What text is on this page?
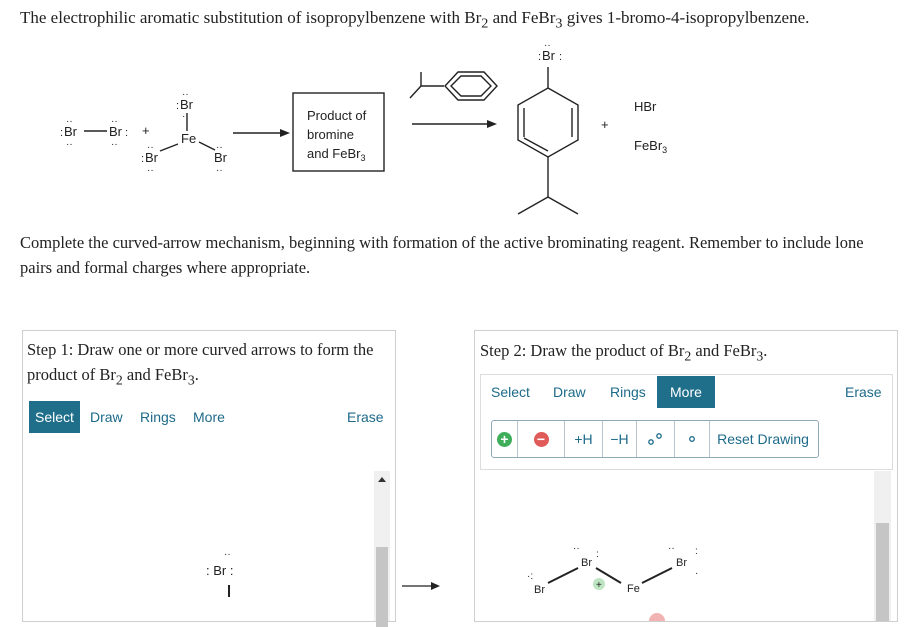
The electrophilic aromatic substitution of isopropylbenzene with $Br_2$ and FeBr$_3$ gives 1-bromo-4-isopropylbenzene.
Br Br
:	:
··
··
··
··
+
Br
:
··
··
Fe
Br
:
··
··
Br
··
··
Product of
bromine
and FeBr$_3$
Br
: :
··
+
HBr
FeBr$_3$
Complete the curved-arrow mechanism, beginning with formation of the active brominating reagent. Remember to include lone pairs and formal charges where appropriate.
Step 1: Draw one or more curved arrows to form the product of $Br_2$ and FeBr$_3$.
Select	Draw Rings More	Erase
: Br :
··
Step 2: Draw the product of $Br_2$ and FeBr$_3$.
Select Draw Rings	More	Erase
+ −	+H	−H	Reset Drawing
Br
Br
Fe
Br
·:
··
:
·· :
·
+
